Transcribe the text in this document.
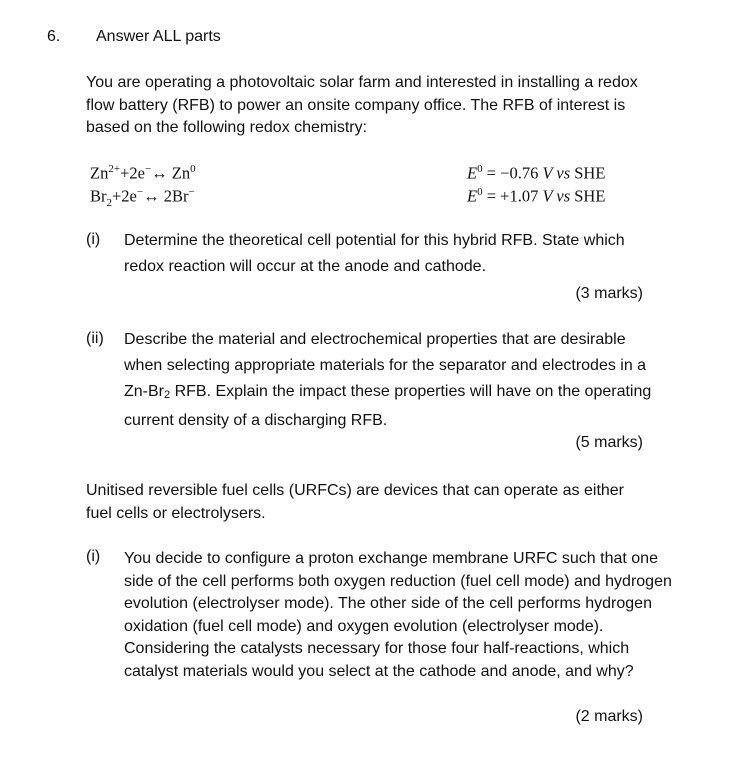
6. Answer ALL parts
You are operating a photovoltaic solar farm and interested in installing a redox flow battery (RFB) to power an onsite company office. The RFB of interest is based on the following redox chemistry:
$Zn^{2+}+2e^-\leftrightarrow$ Zn$^0$	$E^0 = -0.76$ V vs SHE
$Br_2+2e^-\leftrightarrow$ 2Br−	$E^0 = +1.07$ V vs SHE
(i) Determine the theoretical cell potential for this hybrid RFB. State which redox reaction will occur at the anode and cathode.
(3 marks)
(ii) Describe the material and electrochemical properties that are desirable when selecting appropriate materials for the separator and electrodes in a Zn-Br2 RFB. Explain the impact these properties will have on the operating current density of a discharging RFB.
(5 marks)
Unitised reversible fuel cells (URFCs) are devices that can operate as either fuel cells or electrolysers.
(i) You decide to configure a proton exchange membrane URFC such that one side of the cell performs both oxygen reduction (fuel cell mode) and hydrogen evolution (electrolyser mode). The other side of the cell performs hydrogen oxidation (fuel cell mode) and oxygen evolution (electrolyser mode). Considering the catalysts necessary for those four half-reactions, which catalyst materials would you select at the cathode and anode, and why?
(2 marks)
